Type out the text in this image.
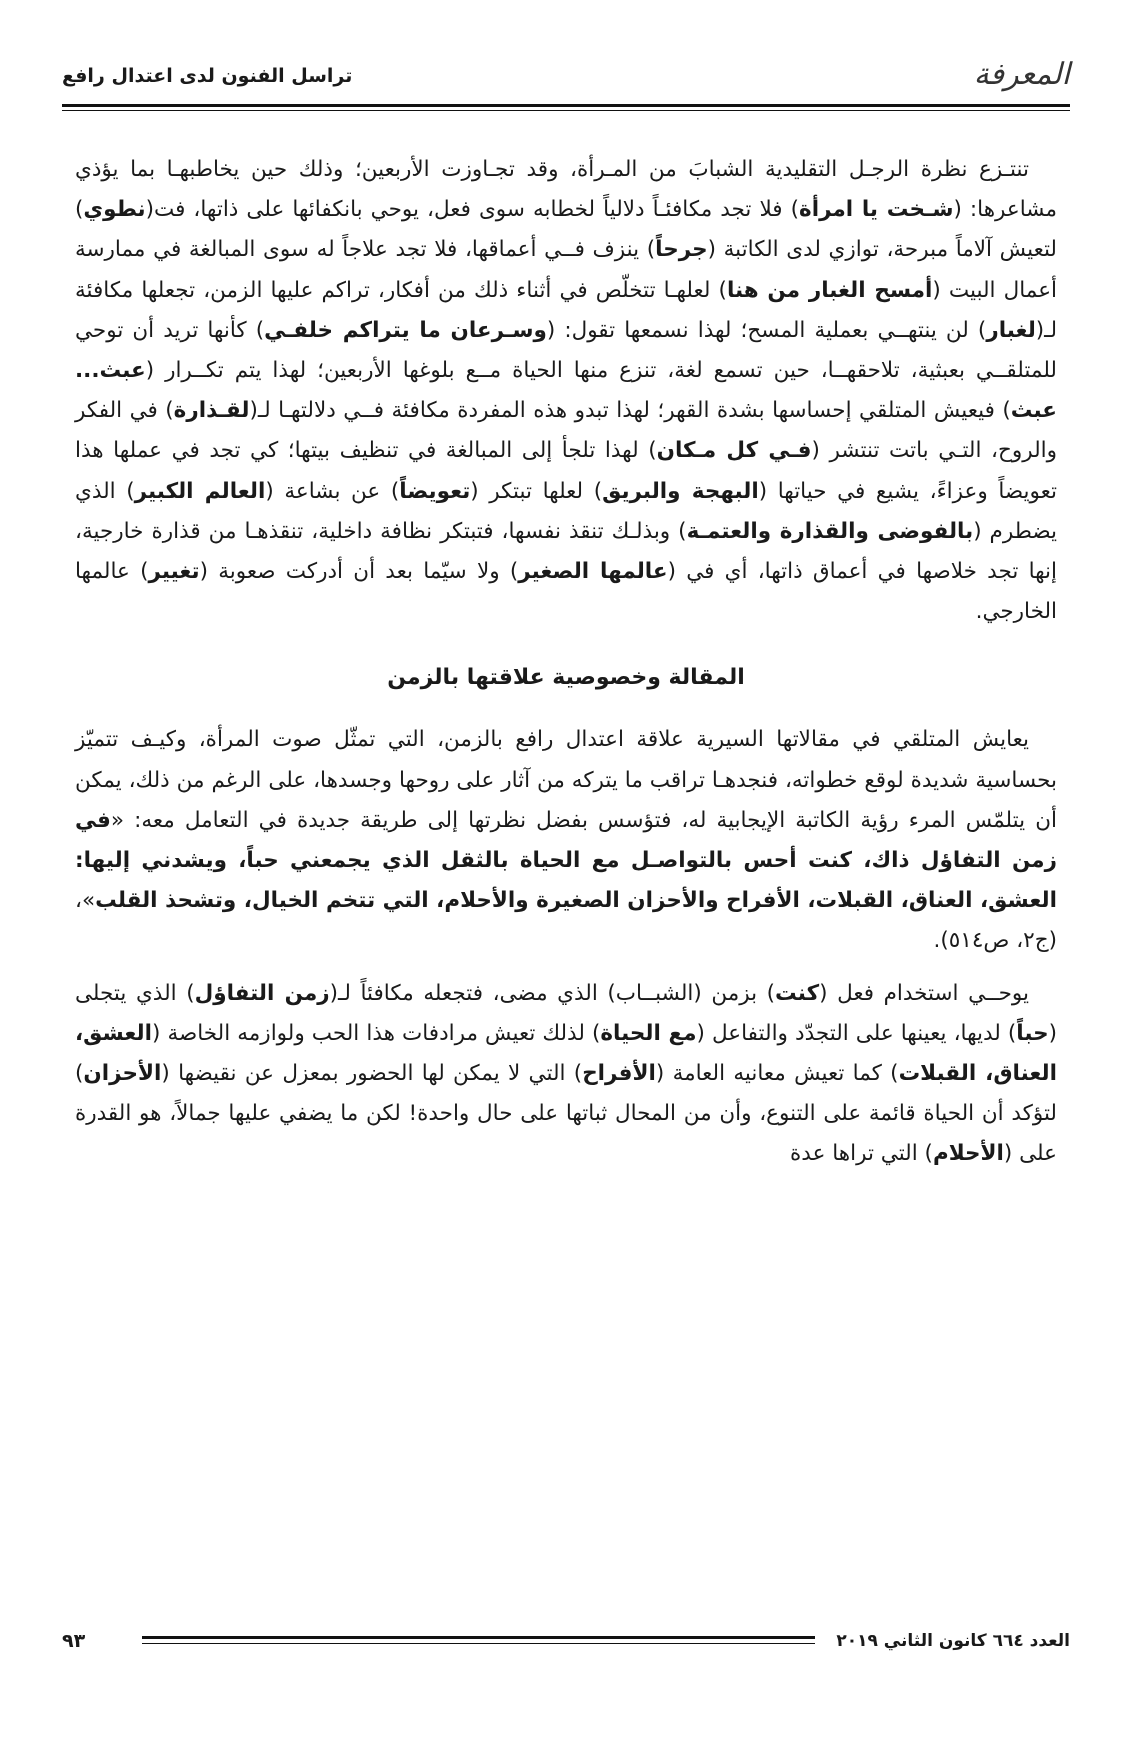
المعرفة
تراسل الفنون لدى اعتدال رافع

تنتـزع نظرة الرجـل التقليدية الشبابَ من المـرأة، وقد تجـاوزت الأربعين؛ وذلك حين يخاطبهـا بما يؤذي مشاعرها: (شـخت يا امرأة) فلا تجد مكافئـاً دلالياً لخطابه سوى فعل، يوحي بانكفائها على ذاتها، فت(نطوي) لتعيش آلاماً مبرحة، توازي لدى الكاتبة (جرحاً) ينزف فــي أعماقها، فلا تجد علاجاً له سوى المبالغة في ممارسة أعمال البيت (أمسح الغبار من هنا) لعلهـا تتخلّص في أثناء ذلك من أفكار، تراكم عليها الزمن، تجعلها مكافئة لـ(لغبار) لن ينتهــي بعملية المسح؛ لهذا نسمعها تقول: (وسـرعان ما يتراكم خلفـي) كأنها تريد أن توحي للمتلقــي بعبثية، تلاحقهــا، حين تسمع لغة، تنزع منها الحياة مــع بلوغها الأربعين؛ لهذا يتم تكــرار (عبث... عبث) فيعيش المتلقي إحساسها بشدة القهر؛ لهذا تبدو هذه المفردة مكافئة فــي دلالتهـا لـ(لقـذارة) في الفكر والروح، التـي باتت تنتشر (فـي كل مـكان) لهذا تلجأ إلى المبالغة في تنظيف بيتها؛ كي تجد في عملها هذا تعويضاً وعزاءً، يشيع في حياتها (البهجة والبريق) لعلها تبتكر (تعويضاً) عن بشاعة (العالم الكبير) الذي يضطرم (بالفوضى والقذارة والعتمـة) وبذلـك تنقذ نفسها، فتبتكر نظافة داخلية، تنقذهـا من قذارة خارجية، إنها تجد خلاصها في أعماق ذاتها، أي في (عالمها الصغير) ولا سيّما بعد أن أدركت صعوبة (تغيير) عالمها الخارجي.

المقالة وخصوصية علاقتها بالزمن

يعايش المتلقي في مقالاتها السيرية علاقة اعتدال رافع بالزمن، التي تمثّل صوت المرأة، وكيـف تتميّز بحساسية شديدة لوقع خطواته، فنجدهـا تراقب ما يتركه من آثار على روحها وجسدها، على الرغم من ذلك، يمكن أن يتلمّس المرء رؤية الكاتبة الإيجابية له، فتؤسس بفضل نظرتها إلى طريقة جديدة في التعامل معه: «في زمن التفاؤل ذاك، كنت أحس بالتواصـل مع الحياة بالثقل الذي يجمعني حباً، ويشدني إليها: العشق، العناق، القبلات، الأفراح والأحزان الصغيرة والأحلام، التي تتخم الخيال، وتشحذ القلب»، (ج٢، ص٥١٤).

يوحــي استخدام فعل (كنت) بزمن (الشبــاب) الذي مضى، فتجعله مكافئاً لـ(زمن التفاؤل) الذي يتجلى (حباً) لديها، يعينها على التجدّد والتفاعل (مع الحياة) لذلك تعيش مرادفات هذا الحب ولوازمه الخاصة (العشق، العناق، القبلات) كما تعيش معانيه العامة (الأفراح) التي لا يمكن لها الحضور بمعزل عن نقيضها (الأحزان) لتؤكد أن الحياة قائمة على التنوع، وأن من المحال ثباتها على حال واحدة! لكن ما يضفي عليها جمالاً، هو القدرة على (الأحلام) التي تراها عدة

العدد ٦٦٤ كانون الثاني ٢٠١٩
٩٣
